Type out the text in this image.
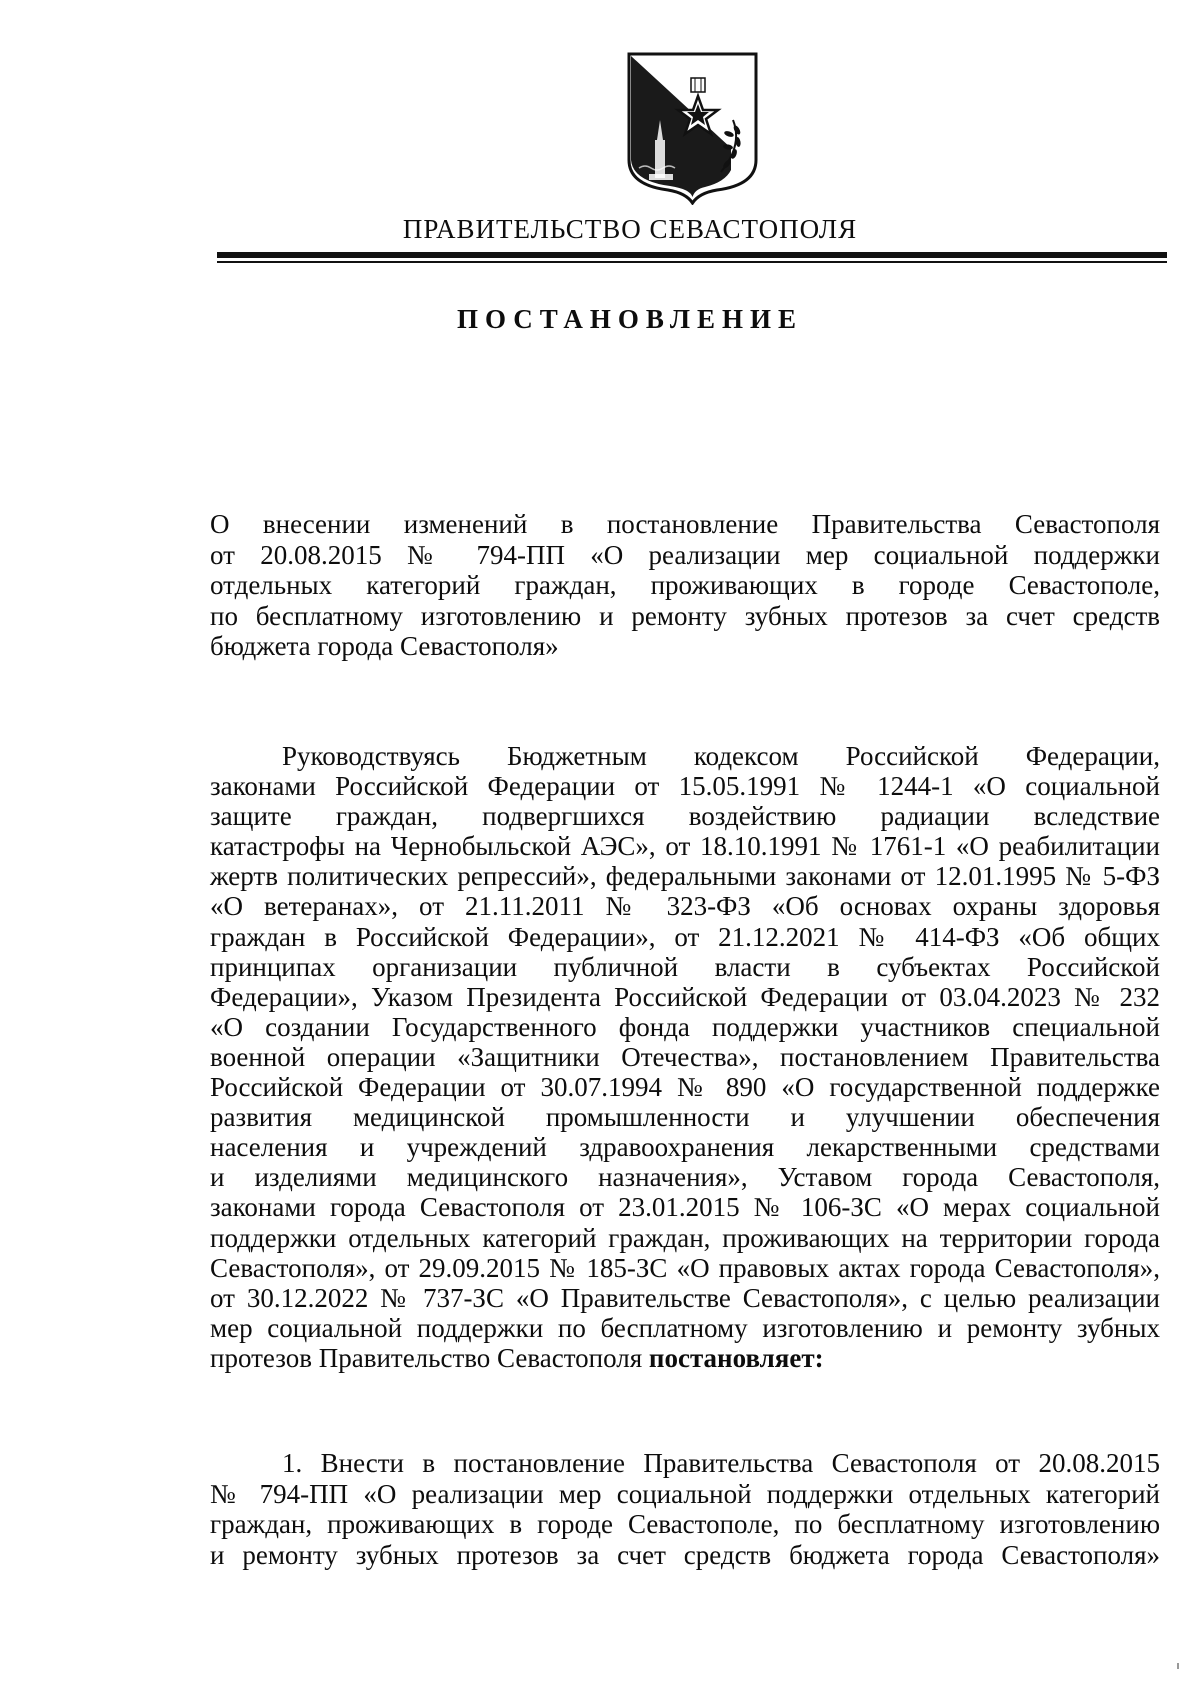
ПРАВИТЕЛЬСТВО СЕВАСТОПОЛЯ
ПОСТАНОВЛЕНИЕ
О внесении изменений в постановление Правительства Севастополя
от 20.08.2015 № 794-ПП «О реализации мер социальной поддержки
отдельных категорий граждан, проживающих в городе Севастополе,
по бесплатному изготовлению и ремонту зубных протезов за счет средств
бюджета города Севастополя»
Руководствуясь Бюджетным кодексом Российской Федерации,
законами Российской Федерации от 15.05.1991 № 1244-1 «О социальной
защите граждан, подвергшихся воздействию радиации вследствие
катастрофы на Чернобыльской АЭС», от 18.10.1991 № 1761-1 «О реабилитации
жертв политических репрессий», федеральными законами от 12.01.1995 № 5-ФЗ
«О ветеранах», от 21.11.2011 № 323-ФЗ «Об основах охраны здоровья
граждан в Российской Федерации», от 21.12.2021 № 414-ФЗ «Об общих
принципах организации публичной власти в субъектах Российской
Федерации», Указом Президента Российской Федерации от 03.04.2023 № 232
«О создании Государственного фонда поддержки участников специальной
военной операции «Защитники Отечества», постановлением Правительства
Российской Федерации от 30.07.1994 № 890 «О государственной поддержке
развития медицинской промышленности и улучшении обеспечения
населения и учреждений здравоохранения лекарственными средствами
и изделиями медицинского назначения», Уставом города Севастополя,
законами города Севастополя от 23.01.2015 № 106-ЗС «О мерах социальной
поддержки отдельных категорий граждан, проживающих на территории города
Севастополя», от 29.09.2015 № 185-ЗС «О правовых актах города Севастополя»,
от 30.12.2022 № 737-ЗС «О Правительстве Севастополя», с целью реализации
мер социальной поддержки по бесплатному изготовлению и ремонту зубных
протезов Правительство Севастополя постановляет:
1. Внести в постановление Правительства Севастополя от 20.08.2015
№ 794-ПП «О реализации мер социальной поддержки отдельных категорий
граждан, проживающих в городе Севастополе, по бесплатному изготовлению
и ремонту зубных протезов за счет средств бюджета города Севастополя»
